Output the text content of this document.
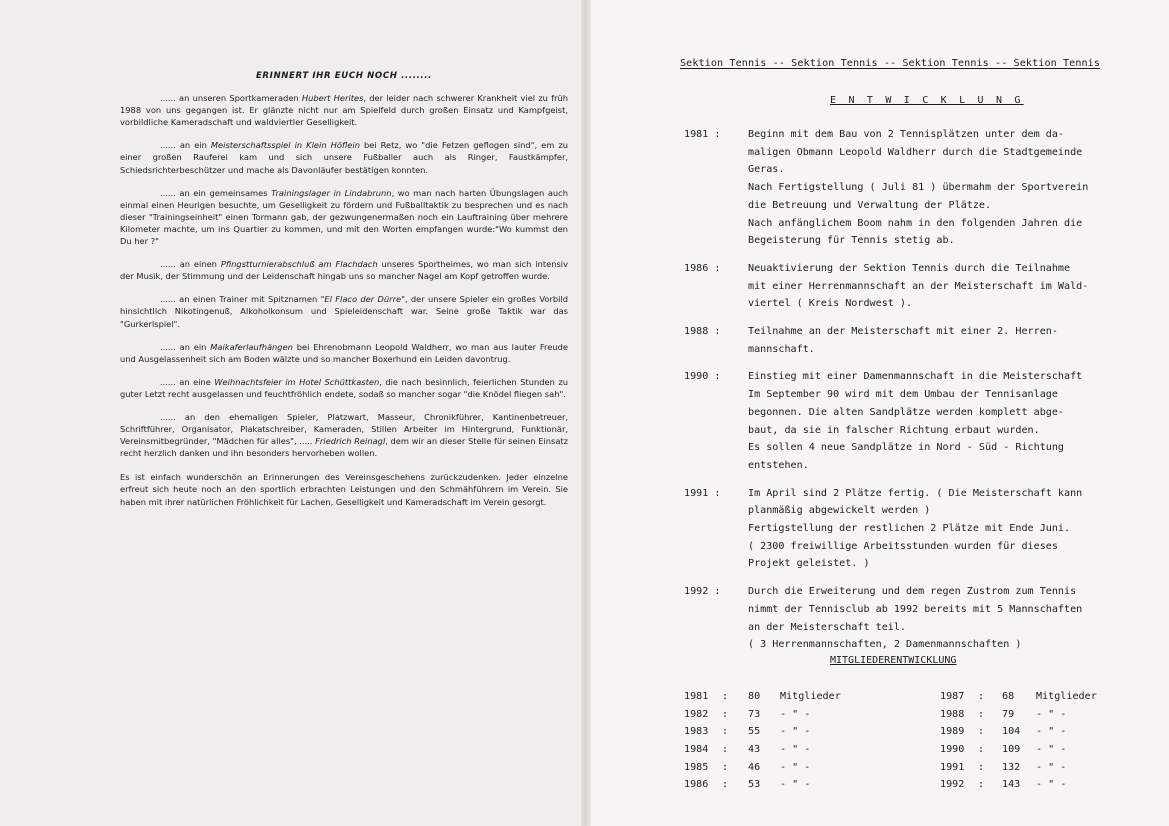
ERINNERT IHR EUCH NOCH ........
...... an unseren Sportkameraden Hubert Herites, der leider nach schwerer Krankheit viel zu früh 1988 von uns gegangen ist. Er glänzte nicht nur am Spielfeld durch großen Einsatz und Kampfgeist, vorbildliche Kameradschaft und waldviertler Geselligkeit.
...... an ein Meisterschaftsspiel in Klein Höflein bei Retz, wo "die Fetzen geflogen sind", em zu einer großen Rauferei kam und sich unsere Fußballer auch als Ringer, Faustkämpfer, Schiedsrichterbeschützer und mache als Davonläufer bestätigen konnten.
...... an ein gemeinsames Trainingslager in Lindabrunn, wo man nach harten Übungslagen auch einmal einen Heurigen besuchte, um Geselligkeit zu fördern und Fußballtaktik zu besprechen und es nach dieser "Trainingseinheit" einen Tormann gab, der gezwungenermaßen noch ein Lauftraining über mehrere Kilometer machte, um ins Quartier zu kommen, und mit den Worten empfangen wurde:"Wo kummst den Du her ?"
...... an einen Pfingstturnierabschluß am Flachdach unseres Sportheimes, wo man sich intensiv der Musik, der Stimmung und der Leidenschaft hingab uns so mancher Nagel am Kopf getroffen wurde.
...... an einen Trainer mit Spitznamen "El Flaco der Dürre", der unsere Spieler ein großes Vorbild hinsichtlich Nikotingenuß, Alkoholkonsum und Spieleidenschaft war. Seine große Taktik war das "Gurkerlspiel".
...... an ein Maikaferlaufhängen bei Ehrenobmann Leopold Waldherr, wo man aus lauter Freude und Ausgelassenheit sich am Boden wälzte und so mancher Boxerhund ein Leiden davontrug.
...... an eine Weihnachtsfeier im Hotel Schüttkasten, die nach besinnlich, feierlichen Stunden zu guter Letzt recht ausgelassen und feuchtfröhlich endete, sodaß so mancher sogar "die Knödel fliegen sah".
...... an den ehemaligen Spieler, Platzwart, Masseur, Chronikführer, Kantinenbetreuer, Schriftführer, Organisator, Plakatschreiber, Kameraden, Stillen Arbeiter im Hintergrund, Funktionär, Vereinsmitbegründer, "Mädchen für alles", ..... Friedrich Reinagl, dem wir an dieser Stelle für seinen Einsatz recht herzlich danken und ihn besonders hervorheben wollen.
Es ist einfach wunderschön an Erinnerungen des Vereinsgeschehens zurückzudenken. Jeder einzelne erfreut sich heute noch an den sportlich erbrachten Leistungen und den Schmähführern im Verein. Sie haben mit ihrer natürlichen Fröhlichkeit für Lachen, Geselligkeit und Kameradschaft im Verein gesorgt.
Sektion Tennis -- Sektion Tennis -- Sektion Tennis -- Sektion Tennis
E N T W I C K L U N G
1981 :	Beginn mit dem Bau von 2 Tennisplätzen unter dem da-
maligen Obmann Leopold Waldherr durch die Stadtgemeinde
Geras.
Nach Fertigstellung ( Juli 81 ) übermahm der Sportverein
die Betreuung und Verwaltung der Plätze.
Nach anfänglichem Boom nahm in den folgenden Jahren die
Begeisterung für Tennis stetig ab.
1986 :	Neuaktivierung der Sektion Tennis durch die Teilnahme
mit einer Herrenmannschaft an der Meisterschaft im Wald-
viertel ( Kreis Nordwest ).
1988 :	Teilnahme an der Meisterschaft mit einer 2. Herren-
mannschaft.
1990 :	Einstieg mit einer Damenmannschaft in die Meisterschaft
Im September 90 wird mit dem Umbau der Tennisanlage
begonnen. Die alten Sandplätze werden komplett abge-
baut, da sie in falscher Richtung erbaut wurden.
Es sollen 4 neue Sandplätze in Nord - Süd - Richtung
entstehen.
1991 :	Im April sind 2 Plätze fertig. ( Die Meisterschaft kann
planmäßig abgewickelt werden )
Fertigstellung der restlichen 2 Plätze mit Ende Juni.
( 2300 freiwillige Arbeitsstunden wurden für dieses
Projekt geleistet. )
1992 :	Durch die Erweiterung und dem regen Zustrom zum Tennis
nimmt der Tennisclub ab 1992 bereits mit 5 Mannschaften
an der Meisterschaft teil.
( 3 Herrenmannschaften, 2 Damenmannschaften )
MITGLIEDERENTWICKLUNG
1981 : 80 Mitglieder
1982 : 73 - " -
1983 : 55 - " -
1984 : 43 - " -
1985 : 46 - " -
1986 : 53 - " -
1987 : 68 Mitglieder
1988 : 79 - " -
1989 : 104 - " -
1990 : 109 - " -
1991 : 132 - " -
1992 : 143 - " -
